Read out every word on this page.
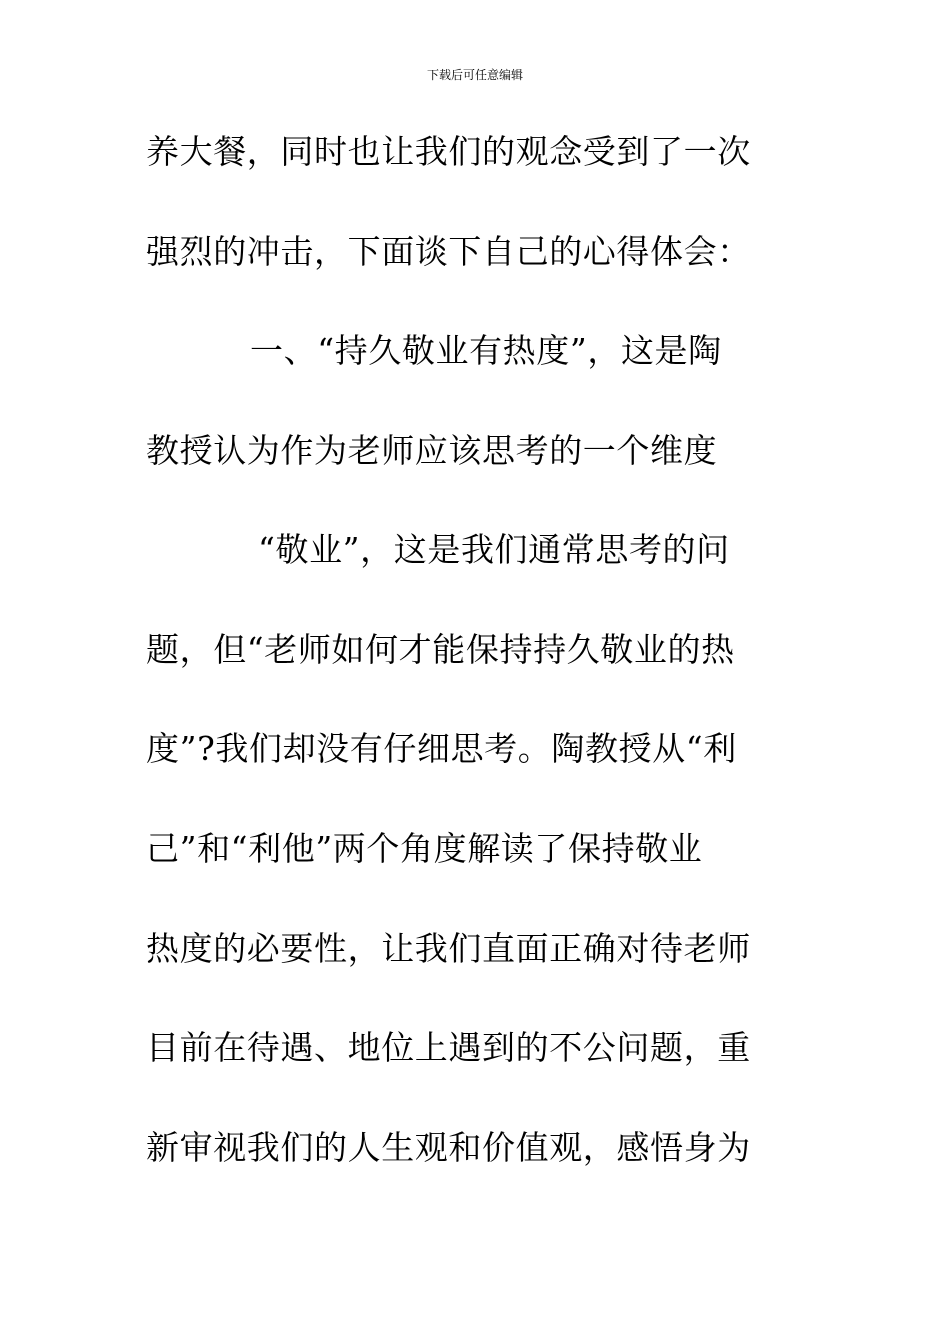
下载后可任意编辑
养大餐，同时也让我们的观念受到了一次
强烈的冲击，下面谈下自己的心得体会：
一、“持久敬业有热度”，这是陶
教授认为作为老师应该思考的一个维度
“敬业”，这是我们通常思考的问
题，但“老师如何才能保持持久敬业的热
度”?我们却没有仔细思考。陶教授从“利
己”和“利他”两个角度解读了保持敬业
热度的必要性，让我们直面正确对待老师
目前在待遇、地位上遇到的不公问题，重
新审视我们的人生观和价值观，感悟身为
